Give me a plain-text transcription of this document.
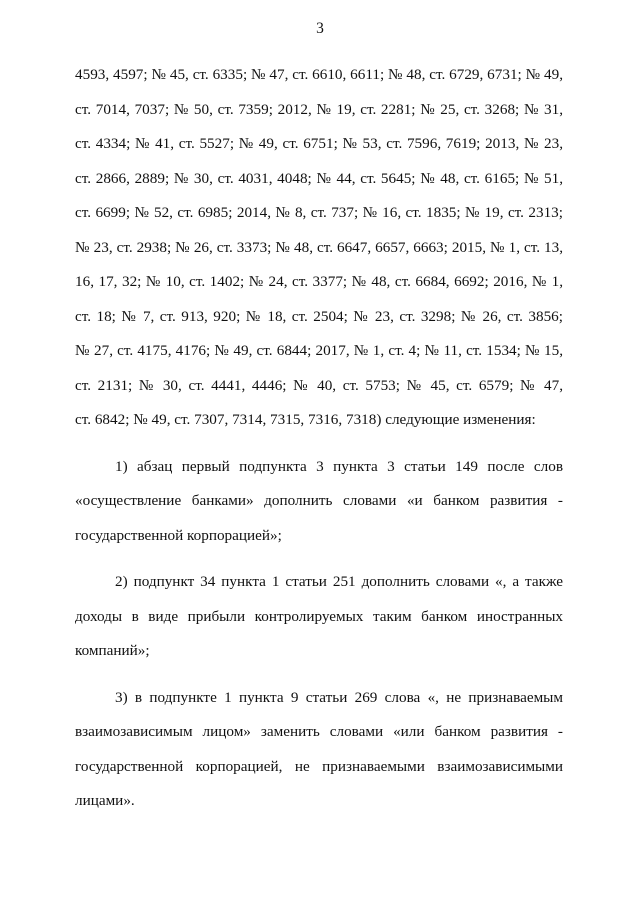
3
4593, 4597; № 45, ст. 6335; № 47, ст. 6610, 6611; № 48, ст. 6729, 6731; № 49,
ст. 7014, 7037; № 50, ст. 7359; 2012, № 19, ст. 2281; № 25, ст. 3268; № 31,
ст. 4334; № 41, ст. 5527; № 49, ст. 6751; № 53, ст. 7596, 7619; 2013, № 23,
ст. 2866, 2889; № 30, ст. 4031, 4048; № 44, ст. 5645; № 48, ст. 6165; № 51,
ст. 6699; № 52, ст. 6985; 2014, № 8, ст. 737; № 16, ст. 1835; № 19, ст. 2313;
№ 23, ст. 2938; № 26, ст. 3373; № 48, ст. 6647, 6657, 6663; 2015, № 1, ст. 13,
16, 17, 32; № 10, ст. 1402; № 24, ст. 3377; № 48, ст. 6684, 6692; 2016, № 1,
ст. 18; № 7, ст. 913, 920; № 18, ст. 2504; № 23, ст. 3298; № 26, ст. 3856;
№ 27, ст. 4175, 4176; № 49, ст. 6844; 2017, № 1, ст. 4; № 11, ст. 1534; № 15,
ст. 2131; № 30, ст. 4441, 4446; № 40, ст. 5753; № 45, ст. 6579; № 47,
ст. 6842; № 49, ст. 7307, 7314, 7315, 7316, 7318) следующие изменения:
1) абзац первый подпункта 3 пункта 3 статьи 149 после слов
«осуществление банками» дополнить словами «и банком развития -
государственной корпорацией»;
2) подпункт 34 пункта 1 статьи 251 дополнить словами «, а также
доходы в виде прибыли контролируемых таким банком иностранных
компаний»;
3) в подпункте 1 пункта 9 статьи 269 слова «, не признаваемым
взаимозависимым лицом» заменить словами «или банком развития -
государственной корпорацией, не признаваемыми взаимозависимыми
лицами».
